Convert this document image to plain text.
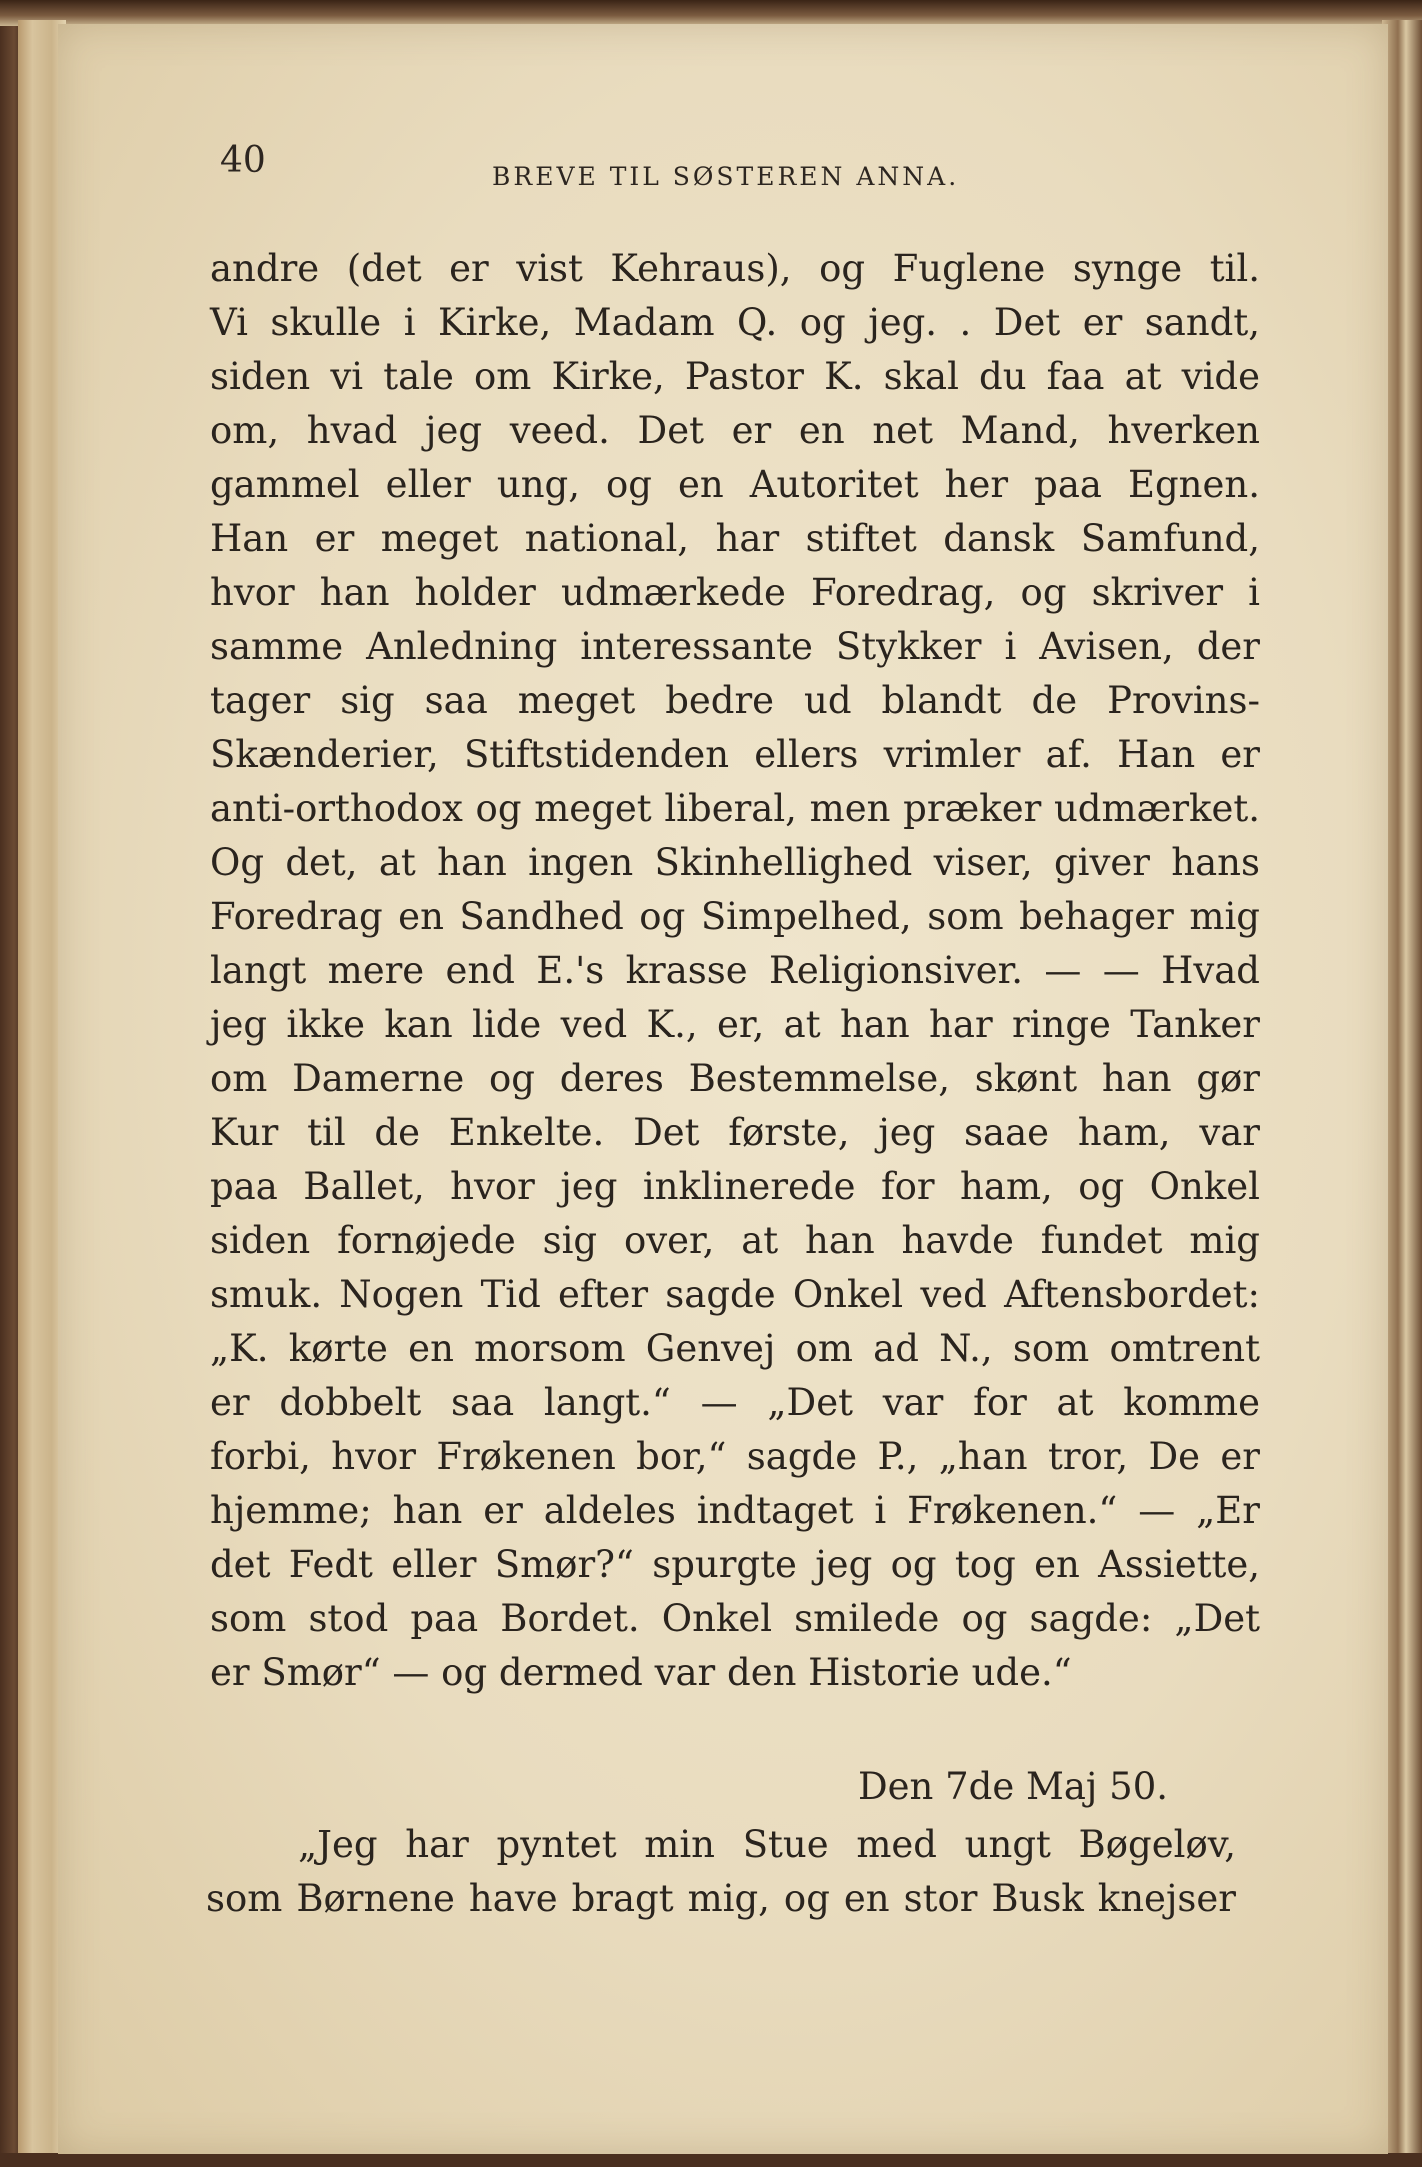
40	BREVE TIL SØSTEREN ANNA.
andre (det er vist Kehraus), og Fuglene synge til.
Vi skulle i Kirke, Madam Q. og jeg. . Det er sandt,
siden vi tale om Kirke, Pastor K. skal du faa at vide
om, hvad jeg veed. Det er en net Mand, hverken
gammel eller ung, og en Autoritet her paa Egnen.
Han er meget national, har stiftet dansk Samfund,
hvor han holder udmærkede Foredrag, og skriver i
samme Anledning interessante Stykker i Avisen, der
tager sig saa meget bedre ud blandt de Provins-
Skænderier, Stiftstidenden ellers vrimler af. Han er
anti-orthodox og meget liberal, men præker udmærket.
Og det, at han ingen Skinhellighed viser, giver hans
Foredrag en Sandhed og Simpelhed, som behager mig
langt mere end E.'s krasse Religionsiver. — — Hvad
jeg ikke kan lide ved K., er, at han har ringe Tanker
om Damerne og deres Bestemmelse, skønt han gør
Kur til de Enkelte. Det første, jeg saae ham, var
paa Ballet, hvor jeg inklinerede for ham, og Onkel
siden fornøjede sig over, at han havde fundet mig
smuk. Nogen Tid efter sagde Onkel ved Aftensbordet:
„K. kørte en morsom Genvej om ad N., som omtrent
er dobbelt saa langt.“ — „Det var for at komme
forbi, hvor Frøkenen bor,“ sagde P., „han tror, De er
hjemme; han er aldeles indtaget i Frøkenen.“ — „Er
det Fedt eller Smør?“ spurgte jeg og tog en Assiette,
som stod paa Bordet. Onkel smilede og sagde: „Det
er Smør“ — og dermed var den Historie ude.“
Den 7de Maj 50.
„Jeg har pyntet min Stue med ungt Bøgeløv,
som Børnene have bragt mig, og en stor Busk knejser
